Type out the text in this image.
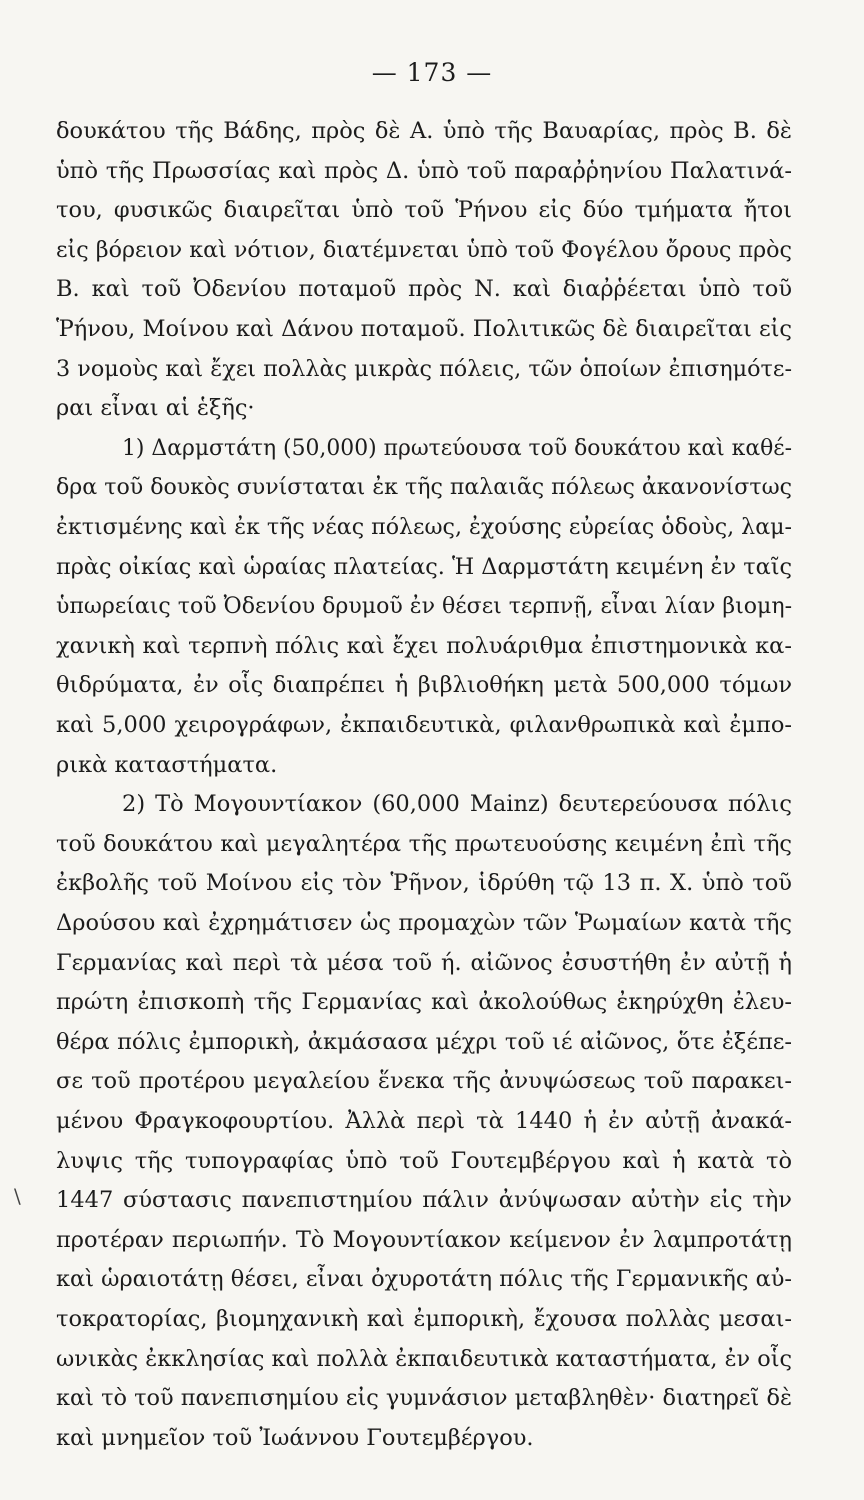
— 173 —
δουκάτου τῆς Βάδης, πρὸς δὲ Α. ὑπὸ τῆς Βαυαρίας, πρὸς Β. δὲ
ὑπὸ τῆς Πρωσσίας καὶ πρὸς Δ. ὑπὸ τοῦ παραῤῥηνίου Παλατινά-
του, φυσικῶς διαιρεῖται ὑπὸ τοῦ Ῥήνου εἰς δύο τμήματα ἤτοι
εἰς βόρειον καὶ νότιον, διατέμνεται ὑπὸ τοῦ Φογέλου ὄρους πρὸς
Β. καὶ τοῦ Ὀδενίου ποταμοῦ πρὸς Ν. καὶ διαῤῥέεται ὑπὸ τοῦ
Ῥήνου, Μοίνου καὶ Δάνου ποταμοῦ. Πολιτικῶς δὲ διαιρεῖται εἰς
3 νομοὺς καὶ ἔχει πολλὰς μικρὰς πόλεις, τῶν ὁποίων ἐπισημότε-
ραι εἶναι αἱ ἑξῆς·
1) Δαρμστάτη (50,000) πρωτεύουσα τοῦ δουκάτου καὶ καθέ-
δρα τοῦ δουκὸς συνίσταται ἐκ τῆς παλαιᾶς πόλεως ἀκανονίστως
ἐκτισμένης καὶ ἐκ τῆς νέας πόλεως, ἐχούσης εὐρείας ὁδοὺς, λαμ-
πρὰς οἰκίας καὶ ὡραίας πλατείας. Ἡ Δαρμστάτη κειμένη ἐν ταῖς
ὑπωρείαις τοῦ Ὀδενίου δρυμοῦ ἐν θέσει τερπνῇ, εἶναι λίαν βιομη-
χανικὴ καὶ τερπνὴ πόλις καὶ ἔχει πολυάριθμα ἐπιστημονικὰ κα-
θιδρύματα, ἐν οἷς διαπρέπει ἡ βιβλιοθήκη μετὰ 500,000 τόμων
καὶ 5,000 χειρογράφων, ἐκπαιδευτικὰ, φιλανθρωπικὰ καὶ ἐμπο-
ρικὰ καταστήματα.
2) Τὸ Μογουντίακον (60,000 Mainz) δευτερεύουσα πόλις
τοῦ δουκάτου καὶ μεγαλητέρα τῆς πρωτευούσης κειμένη ἐπὶ τῆς
ἐκβολῆς τοῦ Μοίνου εἰς τὸν Ῥῆνον, ἱδρύθη τῷ 13 π. Χ. ὑπὸ τοῦ
Δρούσου καὶ ἐχρημάτισεν ὡς προμαχὼν τῶν Ῥωμαίων κατὰ τῆς
Γερμανίας καὶ περὶ τὰ μέσα τοῦ ή. αἰῶνος ἐσυστήθη ἐν αὐτῇ ἡ
πρώτη ἐπισκοπὴ τῆς Γερμανίας καὶ ἀκολούθως ἐκηρύχθη ἐλευ-
θέρα πόλις ἐμπορικὴ, ἀκμάσασα μέχρι τοῦ ιέ αἰῶνος, ὅτε ἐξέπε-
σε τοῦ προτέρου μεγαλείου ἕνεκα τῆς ἀνυψώσεως τοῦ παρακει-
μένου Φραγκοφουρτίου. Ἀλλὰ περὶ τὰ 1440 ἡ ἐν αὐτῇ ἀνακά-
λυψις τῆς τυπογραφίας ὑπὸ τοῦ Γουτεμβέργου καὶ ἡ κατὰ τὸ
1447 σύστασις πανεπιστημίου πάλιν ἀνύψωσαν αὐτὴν εἰς τὴν
προτέραν περιωπήν. Τὸ Μογουντίακον κείμενον ἐν λαμπροτάτῃ
καὶ ὡραιοτάτῃ θέσει, εἶναι ὀχυροτάτη πόλις τῆς Γερμανικῆς αὐ-
τοκρατορίας, βιομηχανικὴ καὶ ἐμπορικὴ, ἔχουσα πολλὰς μεσαι-
ωνικὰς ἐκκλησίας καὶ πολλὰ ἐκπαιδευτικὰ καταστήματα, ἐν οἷς
καὶ τὸ τοῦ πανεπισημίου εἰς γυμνάσιον μεταβληθὲν· διατηρεῖ δὲ
καὶ μνημεῖον τοῦ Ἰωάννου Γουτεμβέργου.
\
